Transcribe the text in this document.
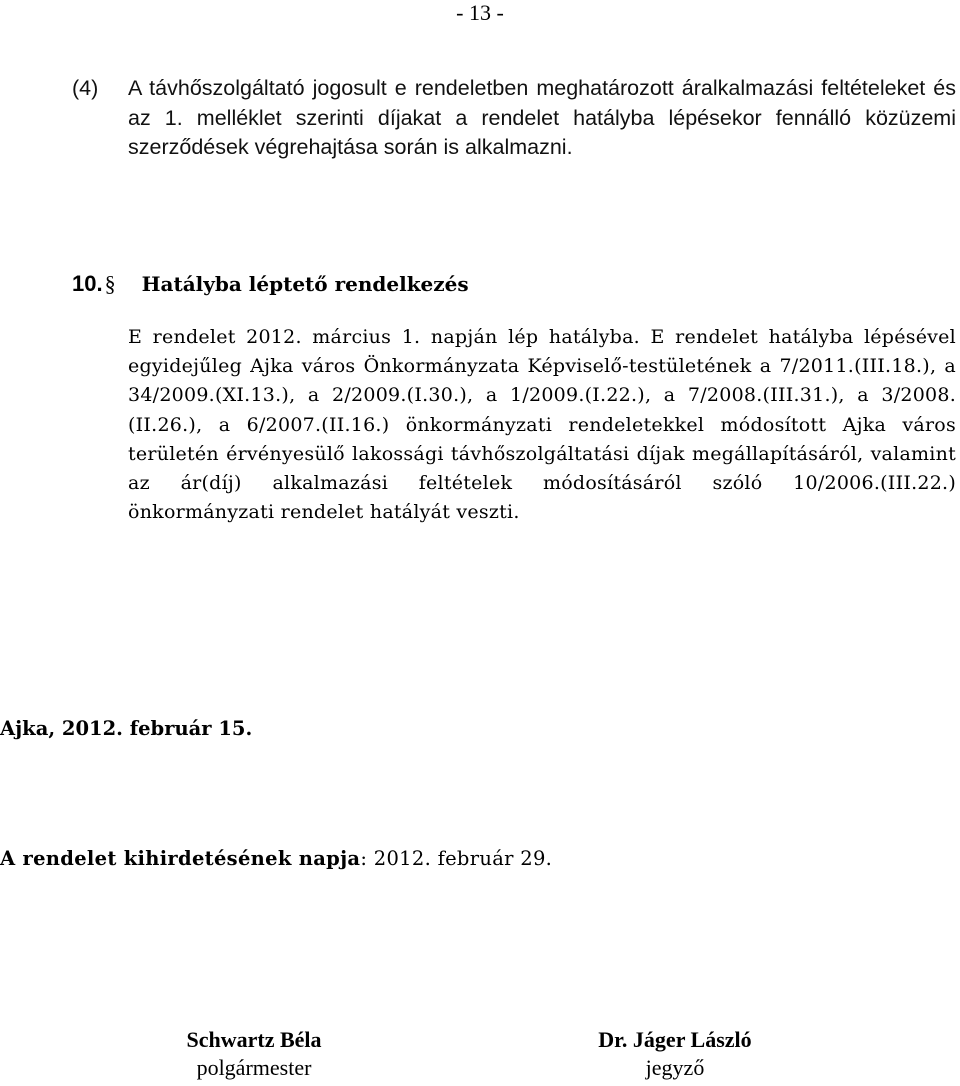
- 13 -
(4) A távhőszolgáltató jogosult e rendeletben meghatározott áralkalmazási feltételeket és az 1. melléklet szerinti díjakat a rendelet hatályba lépésekor fennálló közüzemi szerződések végrehajtása során is alkalmazni.
10.§ Hatályba léptető rendelkezés
E rendelet 2012. március 1. napján lép hatályba. E rendelet hatályba lépésével egyidejűleg Ajka város Önkormányzata Képviselő-testületének a 7/2011.(III.18.), a 34/2009.(XI.13.), a 2/2009.(I.30.), a 1/2009.(I.22.), a 7/2008.(III.31.), a 3/2008.(II.26.), a 6/2007.(II.16.) önkormányzati rendeletekkel módosított Ajka város területén érvényesülő lakossági távhőszolgáltatási díjak megállapításáról, valamint az ár(díj) alkalmazási feltételek módosításáról szóló 10/2006.(III.22.) önkormányzati rendelet hatályát veszti.
Ajka, 2012. február 15.
A rendelet kihirdetésének napja: 2012. február 29.
Schwartz Béla
polgármester
Dr. Jáger László
jegyző
